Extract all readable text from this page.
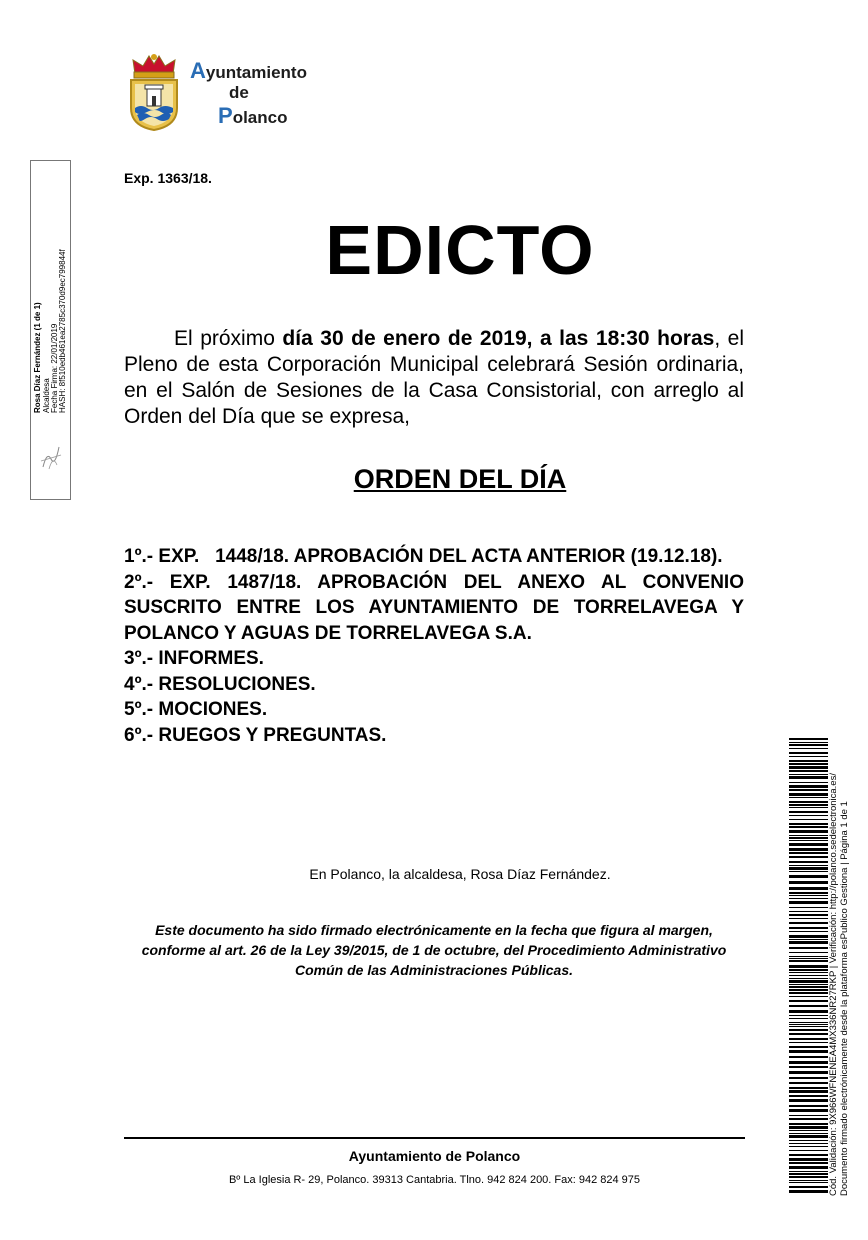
Ayuntamiento
de
Polanco
Rosa Díaz Fernández (1 de 1) Alcaldesa Fecha Firma: 22/01/2019 HASH: 8f510edb461ea2785c370d9ec799844f
Exp. 1363/18.
EDICTO
El próximo día 30 de enero de 2019, a las 18:30 horas, el Pleno de esta Corporación Municipal celebrará Sesión ordinaria, en el Salón de Sesiones de la Casa Consistorial, con arreglo al Orden del Día que se expresa,
ORDEN DEL DÍA
1º.- EXP.   1448/18. APROBACIÓN DEL ACTA ANTERIOR (19.12.18).
2º.- EXP. 1487/18. APROBACIÓN DEL ANEXO AL CONVENIO SUSCRITO ENTRE LOS AYUNTAMIENTO DE TORRELAVEGA Y POLANCO Y AGUAS DE TORRELAVEGA S.A.
3º.- INFORMES.
4º.- RESOLUCIONES.
5º.- MOCIONES.
6º.- RUEGOS Y PREGUNTAS.
En Polanco, la alcaldesa, Rosa Díaz Fernández.
Este documento ha sido firmado electrónicamente en la fecha que figura al margen, conforme al art. 26 de la Ley 39/2015, de 1 de octubre, del Procedimiento Administrativo Común de las Administraciones Públicas.
Ayuntamiento de Polanco
Bº La Iglesia R- 29, Polanco. 39313 Cantabria. Tlno. 942 824 200. Fax: 942 824 975	Cód. Validación: 9X966WFNENEA4MX336NR27RKP | Verificación: http://polanco.sedelectronica.es/ Documento firmado electrónicamente desde la plataforma esPublico Gestiona | Página 1 de 1
